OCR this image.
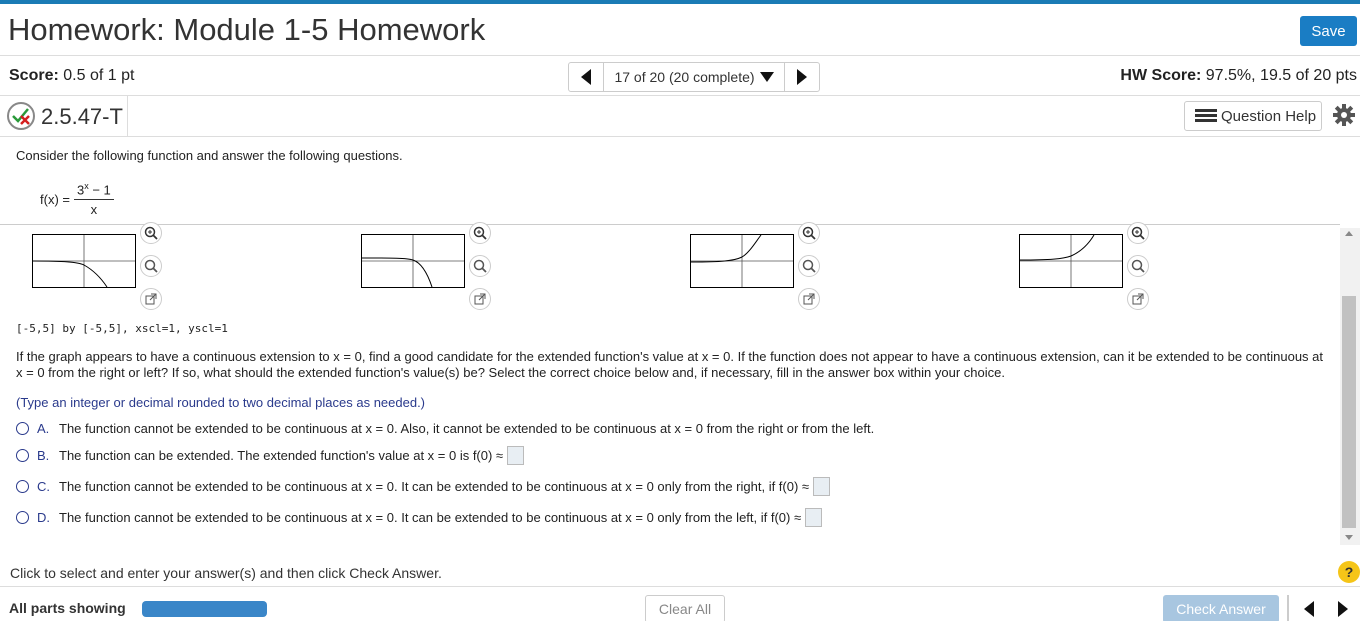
Homework: Module 1-5 Homework	Save
Score: 0.5 of 1 pt	17 of 20 (20 complete)	HW Score: 97.5%, 19.5 of 20 pts
2.5.47-T	Question Help
Consider the following function and answer the following questions.
$f(x) = \frac{3^x - 1}{x}$
[-5,5] by [-5,5], xscl=1, yscl=1
If the graph appears to have a continuous extension to x = 0, find a good candidate for the extended function's value at x = 0. If the function does not appear to have a continuous extension, can it be extended to be continuous at x = 0 from the right or left? If so, what should the extended function's value(s) be? Select the correct choice below and, if necessary, fill in the answer box within your choice.
(Type an integer or decimal rounded to two decimal places as needed.)
A. The function cannot be extended to be continuous at x = 0. Also, it cannot be extended to be continuous at x = 0 from the right or from the left.
B. The function can be extended. The extended function's value at x = 0 is f(0) ≈
C. The function cannot be extended to be continuous at x = 0. It can be extended to be continuous at x = 0 only from the right, if f(0) ≈
D. The function cannot be extended to be continuous at x = 0. It can be extended to be continuous at x = 0 only from the left, if f(0) ≈
Click to select and enter your answer(s) and then click Check Answer.	?
All parts showing	Clear All	Check Answer
